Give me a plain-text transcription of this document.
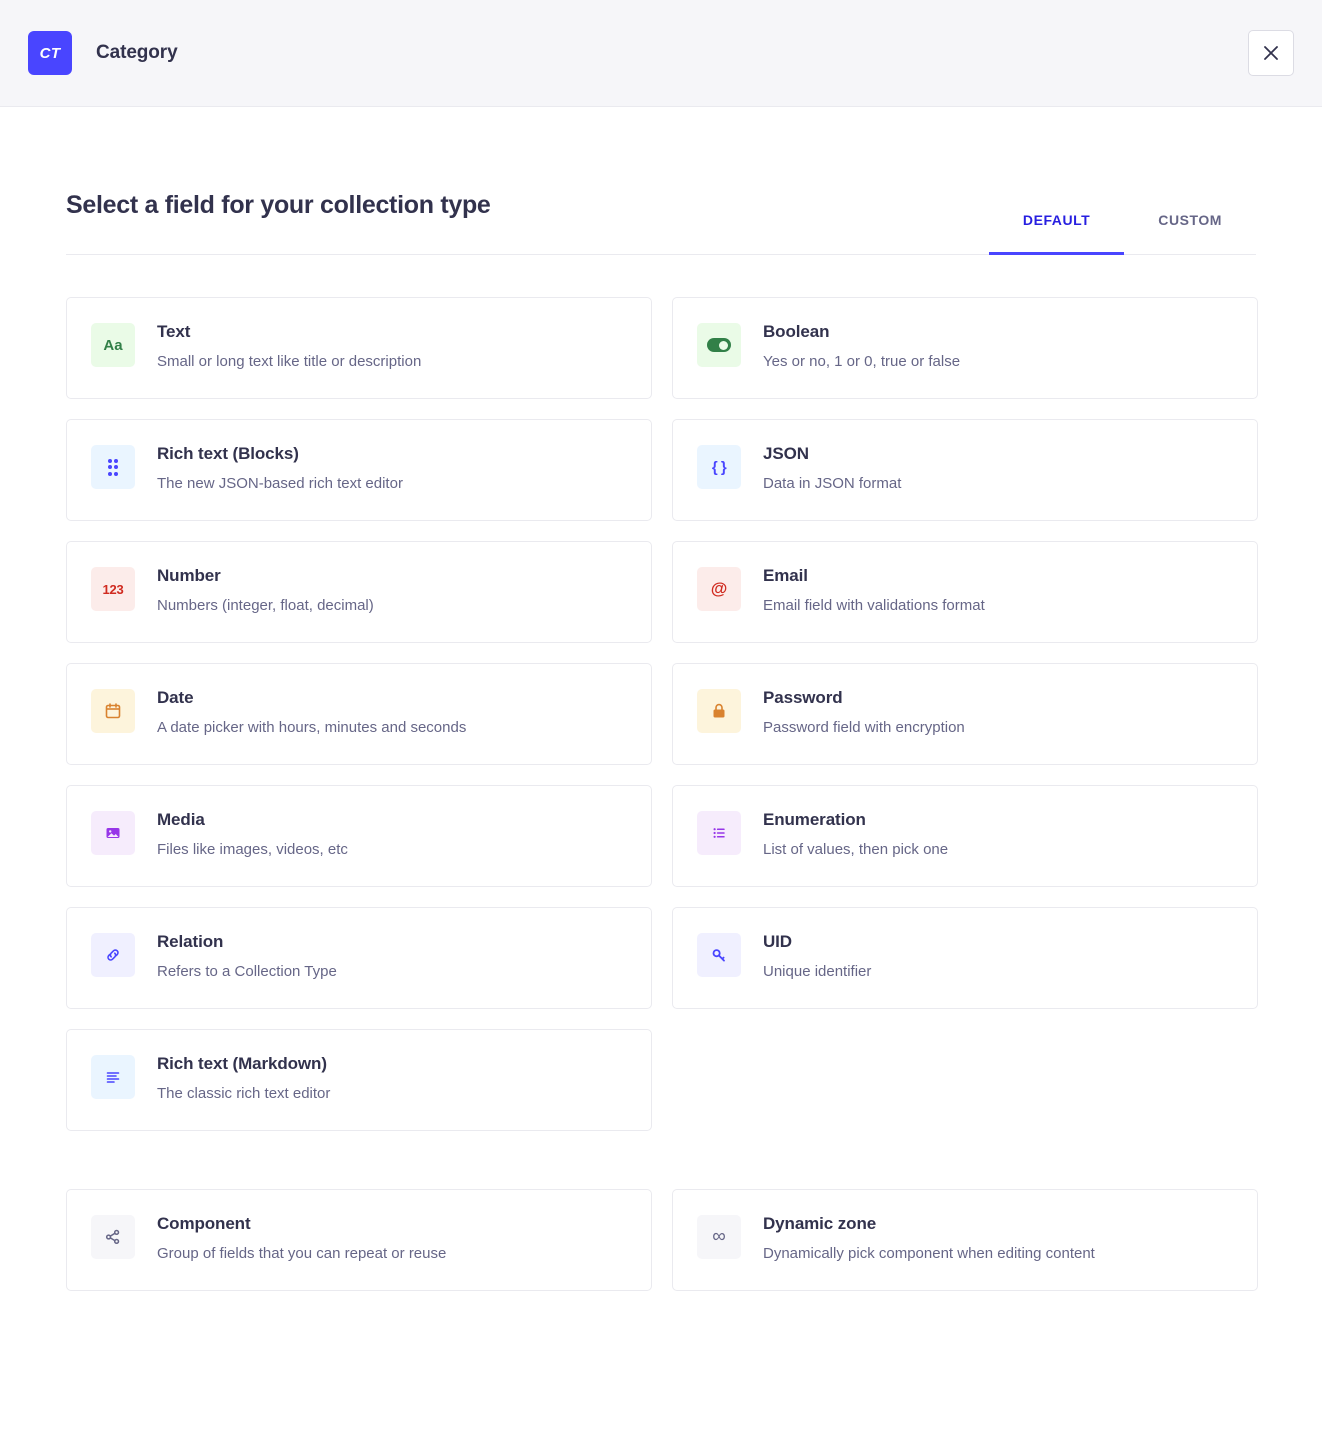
CT	Category
Select a field for your collection type
DEFAULT	CUSTOM
Aa

Text

Small or long text like title or description

Boolean

Yes or no, 1 or 0, true or false

Rich text (Blocks)

The new JSON-based rich text editor

{ }

JSON

Data in JSON format

123

Number

Numbers (integer, float, decimal)

@

Email

Email field with validations format

Date

A date picker with hours, minutes and seconds

Password

Password field with encryption

Media

Files like images, videos, etc

Enumeration

List of values, then pick one

Relation

Refers to a Collection Type

UID

Unique identifier

Rich text (Markdown)

The classic rich text editor

Component

Group of fields that you can repeat or reuse

∞

Dynamic zone

Dynamically pick component when editing content
